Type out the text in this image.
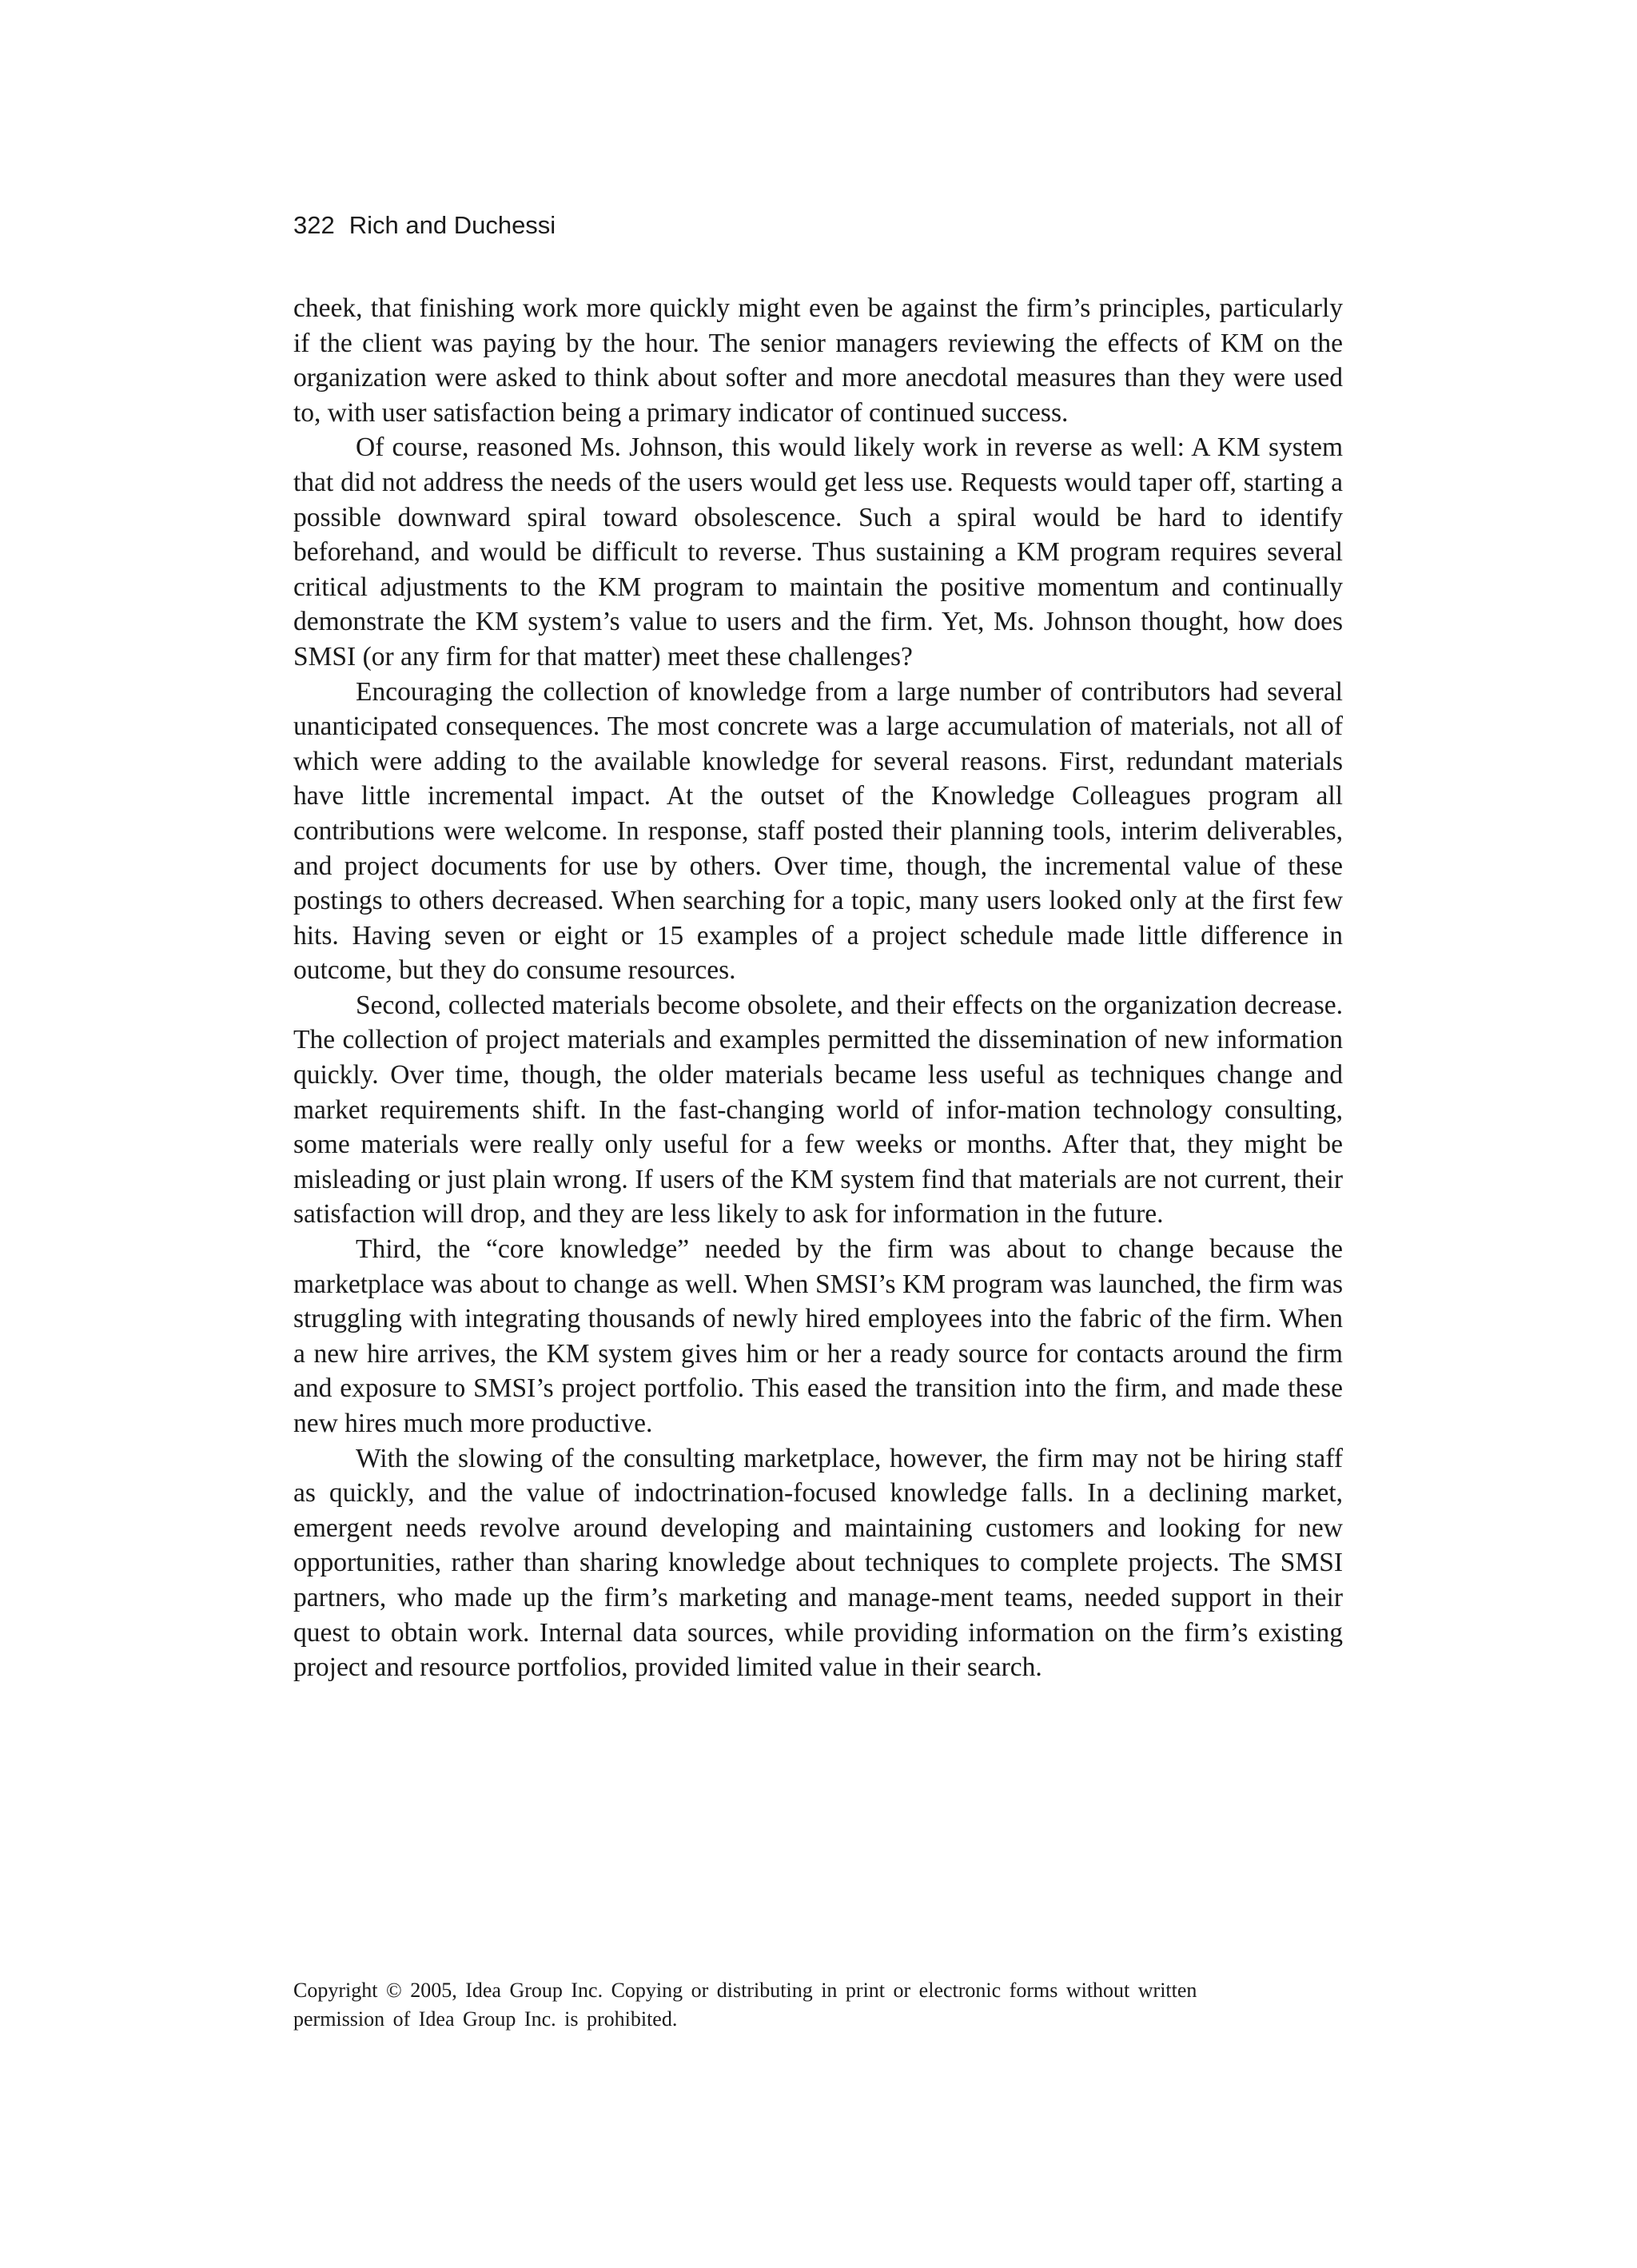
322 Rich and Duchessi

cheek, that finishing work more quickly might even be against the firm’s principles, particularly if the client was paying by the hour. The senior managers reviewing the effects of KM on the organization were asked to think about softer and more anecdotal measures than they were used to, with user satisfaction being a primary indicator of continued success.

Of course, reasoned Ms. Johnson, this would likely work in reverse as well: A KM system that did not address the needs of the users would get less use. Requests would taper off, starting a possible downward spiral toward obsolescence. Such a spiral would be hard to identify beforehand, and would be difficult to reverse. Thus sustaining a KM program requires several critical adjustments to the KM program to maintain the positive momentum and continually demonstrate the KM system’s value to users and the firm. Yet, Ms. Johnson thought, how does SMSI (or any firm for that matter) meet these challenges?

Encouraging the collection of knowledge from a large number of contributors had several unanticipated consequences. The most concrete was a large accumulation of materials, not all of which were adding to the available knowledge for several reasons. First, redundant materials have little incremental impact. At the outset of the Knowledge Colleagues program all contributions were welcome. In response, staff posted their planning tools, interim deliverables, and project documents for use by others. Over time, though, the incremental value of these postings to others decreased. When searching for a topic, many users looked only at the first few hits. Having seven or eight or 15 examples of a project schedule made little difference in outcome, but they do consume resources.

Second, collected materials become obsolete, and their effects on the organization decrease. The collection of project materials and examples permitted the dissemination of new information quickly. Over time, though, the older materials became less useful as techniques change and market requirements shift. In the fast-changing world of infor-mation technology consulting, some materials were really only useful for a few weeks or months. After that, they might be misleading or just plain wrong. If users of the KM system find that materials are not current, their satisfaction will drop, and they are less likely to ask for information in the future.

Third, the “core knowledge” needed by the firm was about to change because the marketplace was about to change as well. When SMSI’s KM program was launched, the firm was struggling with integrating thousands of newly hired employees into the fabric of the firm. When a new hire arrives, the KM system gives him or her a ready source for contacts around the firm and exposure to SMSI’s project portfolio. This eased the transition into the firm, and made these new hires much more productive.

With the slowing of the consulting marketplace, however, the firm may not be hiring staff as quickly, and the value of indoctrination-focused knowledge falls. In a declining market, emergent needs revolve around developing and maintaining customers and looking for new opportunities, rather than sharing knowledge about techniques to complete projects. The SMSI partners, who made up the firm’s marketing and manage-ment teams, needed support in their quest to obtain work. Internal data sources, while providing information on the firm’s existing project and resource portfolios, provided limited value in their search.

Copyright © 2005, Idea Group Inc. Copying or distributing in print or electronic forms without written
permission of Idea Group Inc. is prohibited.
